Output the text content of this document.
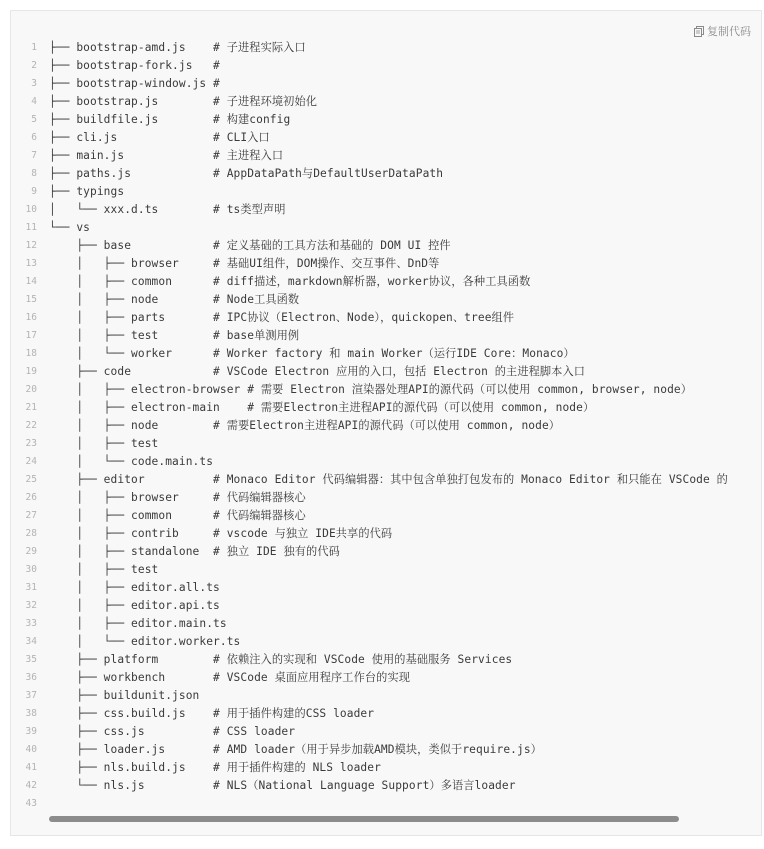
复制代码
1	├── bootstrap-amd.js    # 子进程实际入口
2	├── bootstrap-fork.js   #
3	├── bootstrap-window.js #
4	├── bootstrap.js        # 子进程环境初始化
5	├── buildfile.js        # 构建config
6	├── cli.js              # CLI入口
7	├── main.js             # 主进程入口
8	├── paths.js            # AppDataPath与DefaultUserDataPath
9	├── typings
10	│   └── xxx.d.ts        # ts类型声明
11	└── vs
12	├── base            # 定义基础的工具方法和基础的 DOM UI 控件
13	│   ├── browser     # 基础UI组件，DOM操作、交互事件、DnD等
14	│   ├── common      # diff描述，markdown解析器，worker协议，各种工具函数
15	│   ├── node        # Node工具函数
16	│   ├── parts       # IPC协议（Electron、Node），quickopen、tree组件
17	│   ├── test        # base单测用例
18	│   └── worker      # Worker factory 和 main Worker（运行IDE Core：Monaco）
19	├── code            # VSCode Electron 应用的入口，包括 Electron 的主进程脚本入口
20	│   ├── electron-browser # 需要 Electron 渲染器处理API的源代码（可以使用 common, browser, node）
21	│   ├── electron-main    # 需要Electron主进程API的源代码（可以使用 common, node）
22	│   ├── node        # 需要Electron主进程API的源代码（可以使用 common, node）
23	│   ├── test
24	│   └── code.main.ts
25	├── editor          # Monaco Editor 代码编辑器：其中包含单独打包发布的 Monaco Editor 和只能在 VSCode 的
26	│   ├── browser     # 代码编辑器核心
27	│   ├── common      # 代码编辑器核心
28	│   ├── contrib     # vscode 与独立 IDE共享的代码
29	│   ├── standalone  # 独立 IDE 独有的代码
30	│   ├── test
31	│   ├── editor.all.ts
32	│   ├── editor.api.ts
33	│   ├── editor.main.ts
34	│   └── editor.worker.ts
35	├── platform        # 依赖注入的实现和 VSCode 使用的基础服务 Services
36	├── workbench       # VSCode 桌面应用程序工作台的实现
37	├── buildunit.json
38	├── css.build.js    # 用于插件构建的CSS loader
39	├── css.js          # CSS loader
40	├── loader.js       # AMD loader（用于异步加载AMD模块，类似于require.js）
41	├── nls.build.js    # 用于插件构建的 NLS loader
42	└── nls.js          # NLS（National Language Support）多语言loader
43
